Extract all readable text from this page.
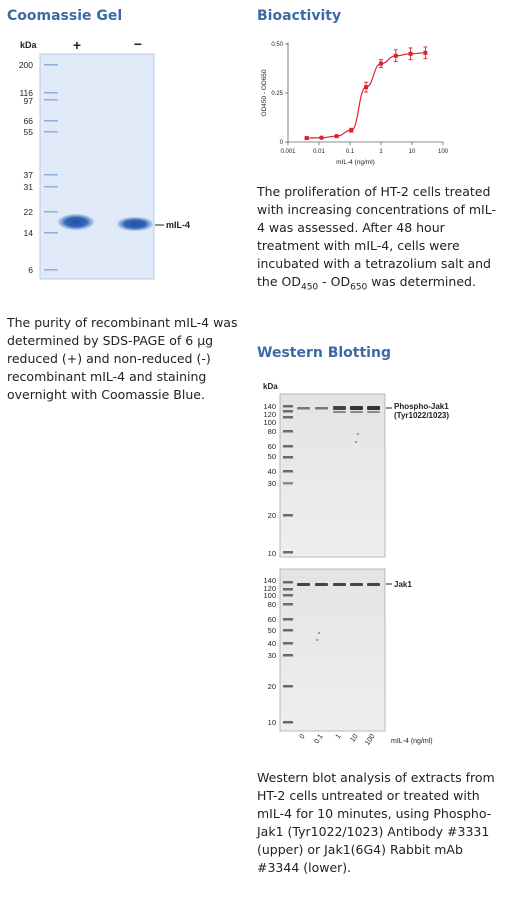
Coomassie Gel
kDa	+	−
200
116
97
66
55
37
31
22
14
6
mIL-4
The purity of recombinant mIL-4 was determined by SDS-PAGE of 6 µg reduced (+) and non-reduced (-) recombinant mIL-4 and staining overnight with Coomassie Blue.
Bioactivity
OD450 - OD650
0
0.25
0.50
0.001	0.01	0.1	1	10	100
mIL-4 (ng/ml)
The proliferation of HT-2 cells treated with increasing concentrations of mIL-4 was assessed. After 48 hour treatment with mIL-4, cells were incubated with a tetrazolium salt and the $OD_{450} - OD_{650}$ was determined.
Western Blotting
kDa
Phospho-Jak1
(Tyr1022/1023)
140
120
100
80
60
50
40
30
20
10
Jak1
140
120
100
80
60
50
40
30
20
10
0 0.1 1 10 100 mIL-4 (ng/ml)
Western blot analysis of extracts from HT-2 cells untreated or treated with mIL-4 for 10 minutes, using Phospho-Jak1 (Tyr1022/1023) Antibody #3331 (upper) or Jak1(6G4) Rabbit mAb #3344 (lower).
